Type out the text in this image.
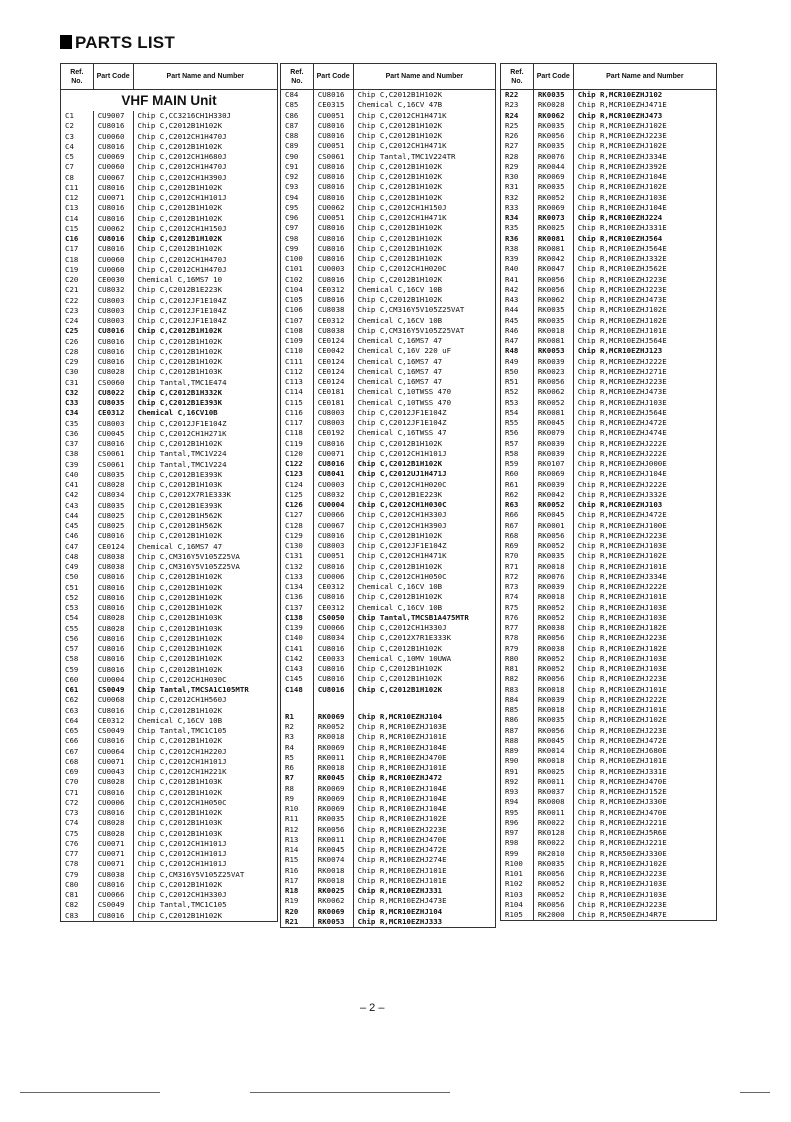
PARTS LIST
Ref.
No.	Part Code	Part Name and Number
VHF MAIN Unit		
C1	CU9007	Chip C,CC3216CH1H330J
C2	CU8016	Chip C,C2012B1H102K
C3	CU0060	Chip C,C2012CH1H470J
C4	CU8016	Chip C,C2012B1H102K
C5	CU0069	Chip C,C2012CH1H680J
C7	CU0060	Chip C,C2012CH1H470J
C8	CU0067	Chip C,C2012CH1H390J
C11	CU8016	Chip C,C2012B1H102K
C12	CU0071	Chip C,C2012CH1H101J
C13	CU8016	Chip C,C2012B1H102K
C14	CU8016	Chip C,C2012B1H102K
C15	CU0062	Chip C,C2012CH1H150J
C16	CU8016	Chip C,C2012B1H102K
C17	CU8016	Chip C,C2012B1H102K
C18	CU0060	Chip C,C2012CH1H470J
C19	CU0060	Chip C,C2012CH1H470J
C20	CE0030	Chemical C,16MS7 10
C21	CU8032	Chip C,C2012B1E223K
C22	CU8003	Chip C,C2012JF1E104Z
C23	CU8003	Chip C,C2012JF1E104Z
C24	CU8003	Chip C,C2012JF1E104Z
C25	CU8016	Chip C,C2012B1H102K
C26	CU8016	Chip C,C2012B1H102K
C28	CU8016	Chip C,C2012B1H102K
C29	CU8016	Chip C,C2012B1H102K
C30	CU8028	Chip C,C2012B1H103K
C31	CS0060	Chip Tantal,TMC1E474
C32	CU8022	Chip C,C2012B1H332K
C33	CU8035	Chip C,C2012B1E393K
C34	CE0312	Chemical C,16CV10B
C35	CU8003	Chip C,C2012JF1E104Z
C36	CU0045	Chip C,C2012CH1H271K
C37	CU8016	Chip C,C2012B1H102K
C38	CS0061	Chip Tantal,TMC1V224
C39	CS0061	Chip Tantal,TMC1V224
C40	CU8035	Chip C,C2012B1E393K
C41	CU8028	Chip C,C2012B1H103K
C42	CU8034	Chip C,C2012X7R1E333K
C43	CU8035	Chip C,C2012B1E393K
C44	CU8025	Chip C,C2012B1H562K
C45	CU8025	Chip C,C2012B1H562K
C46	CU8016	Chip C,C2012B1H102K
C47	CE0124	Chemical C,16MS7 47
C48	CU8038	Chip C,CM316Y5V105Z25VA
C49	CU8038	Chip C,CM316Y5V105Z25VA
C50	CU8016	Chip C,C2012B1H102K
C51	CU8016	Chip C,C2012B1H102K
C52	CU8016	Chip C,C2012B1H102K
C53	CU8016	Chip C,C2012B1H102K
C54	CU8028	Chip C,C2012B1H103K
C55	CU8028	Chip C,C2012B1H103K
C56	CU8016	Chip C,C2012B1H102K
C57	CU8016	Chip C,C2012B1H102K
C58	CU8016	Chip C,C2012B1H102K
C59	CU8016	Chip C,C2012B1H102K
C60	CU0004	Chip C,C2012CH1H030C
C61	CS0049	Chip Tantal,TMCSA1C105MTR
C62	CU0068	Chip C,C2012CH1H560J
C63	CU8016	Chip C,C2012B1H102K
C64	CE0312	Chemical C,16CV 10B
C65	CS0049	Chip Tantal,TMC1C105
C66	CU8016	Chip C,C2012B1H102K
C67	CU0064	Chip C,C2012CH1H220J
C68	CU0071	Chip C,C2012CH1H101J
C69	CU0043	Chip C,C2012CH1H221K
C70	CU8028	Chip C,C2012B1H103K
C71	CU8016	Chip C,C2012B1H102K
C72	CU0006	Chip C,C2012CH1H050C
C73	CU8016	Chip C,C2012B1H102K
C74	CU8028	Chip C,C2012B1H103K
C75	CU8028	Chip C,C2012B1H103K
C76	CU0071	Chip C,C2012CH1H101J
C77	CU0071	Chip C,C2012CH1H101J
C78	CU0071	Chip C,C2012CH1H101J
C79	CU8038	Chip C,CM316Y5V105Z25VAT
C80	CU8016	Chip C,C2012B1H102K
C81	CU0066	Chip C,C2012CH1H330J
C82	CS0049	Chip Tantal,TMC1C105
C83	CU8016	Chip C,C2012B1H102K
Ref.
No.	Part Code	Part Name and Number
C84	CU8016	Chip C,C2012B1H102K
C85	CE0315	Chemical C,16CV 47B
C86	CU0051	Chip C,C2012CH1H471K
C87	CU8016	Chip C,C2012B1H102K
C88	CU8016	Chip C,C2012B1H102K
C89	CU0051	Chip C,C2012CH1H471K
C90	CS0061	Chip Tantal,TMC1V224TR
C91	CU8016	Chip C,C2012B1H102K
C92	CU8016	Chip C,C2012B1H102K
C93	CU8016	Chip C,C2012B1H102K
C94	CU8016	Chip C,C2012B1H102K
C95	CU0062	Chip C,C2012CH1H150J
C96	CU0051	Chip C,C2012CH1H471K
C97	CU8016	Chip C,C2012B1H102K
C98	CU8016	Chip C,C2012B1H102K
C99	CU8016	Chip C,C2012B1H102K
C100	CU8016	Chip C,C2012B1H102K
C101	CU0003	Chip C,C2012CH1H020C
C102	CU8016	Chip C,C2012B1H102K
C104	CE0312	Chemical C,16CV 10B
C105	CU8016	Chip C,C2012B1H102K
C106	CU8038	Chip C,CM316Y5V105Z25VAT
C107	CE0312	Chemical C,16CV 10B
C108	CU8038	Chip C,CM316Y5V105Z25VAT
C109	CE0124	Chemical C,16MS7 47
C110	CE0042	Chemical C,16V 220 uF
C111	CE0124	Chemical C,16MS7 47
C112	CE0124	Chemical C,16MS7 47
C113	CE0124	Chemical C,16MS7 47
C114	CE0181	Chemical C,10TWSS 470
C115	CE0181	Chemical C,10TWSS 470
C116	CU8003	Chip C,C2012JF1E104Z
C117	CU8003	Chip C,C2012JF1E104Z
C118	CE0192	Chemical C,16TWSS 47
C119	CU8016	Chip C,C2012B1H102K
C120	CU0071	Chip C,C2012CH1H101J
C122	CU8016	Chip C,C2012B1H102K
C123	CU8041	Chip C,C2012UJ1H471J
C124	CU0003	Chip C,C2012CH1H020C
C125	CU8032	Chip C,C2012B1E223K
C126	CU0004	Chip C,C2012CH1H030C
C127	CU0066	Chip C,C2012CH1H330J
C128	CU0067	Chip C,C2012CH1H390J
C129	CU8016	Chip C,C2012B1H102K
C130	CU8003	Chip C,C2012JF1E104Z
C131	CU0051	Chip C,C2012CH1H471K
C132	CU8016	Chip C,C2012B1H102K
C133	CU0006	Chip C,C2012CH1H050C
C134	CE0312	Chemical C,16CV 10B
C136	CU8016	Chip C,C2012B1H102K
C137	CE0312	Chemical C,16CV 10B
C138	CS0050	Chip Tantal,TMCSB1A475MTR
C139	CU0066	Chip C,C2012CH1H330J
C140	CU8034	Chip C,C2012X7R1E333K
C141	CU8016	Chip C,C2012B1H102K
C142	CE0033	Chemical C,10MV 10UWA
C143	CU8016	Chip C,C2012B1H102K
C145	CU8016	Chip C,C2012B1H102K
C148	CU8016	Chip C,C2012B1H102K

R1	RK0069	Chip R,MCR10EZHJ104
R2	RK0052	Chip R,MCR10EZHJ103E
R3	RK0018	Chip R,MCR10EZHJ101E
R4	RK0069	Chip R,MCR10EZHJ104E
R5	RK0011	Chip R,MCR10EZHJ470E
R6	RK0018	Chip R,MCR10EZHJ101E
R7	RK0045	Chip R,MCR10EZHJ472
R8	RK0069	Chip R,MCR10EZHJ104E
R9	RK0069	Chip R,MCR10EZHJ104E
R10	RK0069	Chip R,MCR10EZHJ104E
R11	RK0035	Chip R,MCR10EZHJ102E
R12	RK0056	Chip R,MCR10EZHJ223E
R13	RK0011	Chip R,MCR10EZHJ470E
R14	RK0045	Chip R,MCR10EZHJ472E
R15	RK0074	Chip R,MCR10EZHJ274E
R16	RK0018	Chip R,MCR10EZHJ101E
R17	RK0018	Chip R,MCR10EZHJ101E
R18	RK0025	Chip R,MCR10EZHJ331
R19	RK0062	Chip R,MCR10EZHJ473E
R20	RK0069	Chip R,MCR10EZHJ104
R21	RK0053	Chip R,MCR10EZHJ333
Ref.
No.	Part Code	Part Name and Number
R22	RK0035	Chip R,MCR10EZHJ102
R23	RK0028	Chip R,MCR10EZHJ471E
R24	RK0062	Chip R,MCR10EZHJ473
R25	RK0035	Chip R,MCR10EZHJ102E
R26	RK0056	Chip R,MCR10EZHJ223E
R27	RK0035	Chip R,MCR10EZHJ102E
R28	RK0076	Chip R,MCR10EZHJ334E
R29	RK0044	Chip R,MCR10EZHJ392E
R30	RK0069	Chip R,MCR10EZHJ104E
R31	RK0035	Chip R,MCR10EZHJ102E
R32	RK0052	Chip R,MCR10EZHJ103E
R33	RK0069	Chip R,MCR10EZHJ104E
R34	RK0073	Chip R,MCR10EZHJ224
R35	RK0025	Chip R,MCR10EZHJ331E
R36	RK0081	Chip R,MCR10EZHJ564
R38	RK0081	Chip R,MCR10EZHJ564E
R39	RK0042	Chip R,MCR10EZHJ332E
R40	RK0047	Chip R,MCR10EZHJ562E
R41	RK0056	Chip R,MCR10EZHJ223E
R42	RK0056	Chip R,MCR10EZHJ223E
R43	RK0062	Chip R,MCR10EZHJ473E
R44	RK0035	Chip R,MCR10EZHJ102E
R45	RK0035	Chip R,MCR10EZHJ102E
R46	RK0018	Chip R,MCR10EZHJ101E
R47	RK0081	Chip R,MCR10EZHJ564E
R48	RK0053	Chip R,MCR10EZHJ123
R49	RK0039	Chip R,MCR10EZHJ222E
R50	RK0023	Chip R,MCR10EZHJ271E
R51	RK0056	Chip R,MCR10EZHJ223E
R52	RK0062	Chip R,MCR10EZHJ473E
R53	RK0052	Chip R,MCR10EZHJ103E
R54	RK0081	Chip R,MCR10EZHJ564E
R55	RK0045	Chip R,MCR10EZHJ472E
R56	RK0079	Chip R,MCR10EZHJ474E
R57	RK0039	Chip R,MCR10EZHJ222E
R58	RK0039	Chip R,MCR10EZHJ222E
R59	RK0107	Chip R,MCR10EZHJ000E
R60	RK0069	Chip R,MCR10EZHJ104E
R61	RK0039	Chip R,MCR10EZHJ222E
R62	RK0042	Chip R,MCR10EZHJ332E
R63	RK0052	Chip R,MCR10EZHJ103
R66	RK0045	Chip R,MCR10EZHJ472E
R67	RK0001	Chip R,MCR10EZHJ100E
R68	RK0056	Chip R,MCR10EZHJ223E
R69	RK0052	Chip R,MCR10EZHJ103E
R70	RK0035	Chip R,MCR10EZHJ102E
R71	RK0018	Chip R,MCR10EZHJ101E
R72	RK0076	Chip R,MCR10EZHJ334E
R73	RK0039	Chip R,MCR10EZHJ222E
R74	RK0018	Chip R,MCR10EZHJ101E
R75	RK0052	Chip R,MCR10EZHJ103E
R76	RK0052	Chip R,MCR10EZHJ103E
R77	RK0038	Chip R,MCR10EZHJ182E
R78	RK0056	Chip R,MCR10EZHJ223E
R79	RK0038	Chip R,MCR10EZHJ182E
R80	RK0052	Chip R,MCR10EZHJ103E
R81	RK0052	Chip R,MCR10EZHJ103E
R82	RK0056	Chip R,MCR10EZHJ223E
R83	RK0018	Chip R,MCR10EZHJ101E
R84	RK0039	Chip R,MCR10EZHJ222E
R85	RK0018	Chip R,MCR10EZHJ101E
R86	RK0035	Chip R,MCR10EZHJ102E
R87	RK0056	Chip R,MCR10EZHJ223E
R88	RK0045	Chip R,MCR10EZHJ472E
R89	RK0014	Chip R,MCR10EZHJ680E
R90	RK0018	Chip R,MCR10EZHJ101E
R91	RK0025	Chip R,MCR10EZHJ331E
R92	RK0011	Chip R,MCR10EZHJ470E
R93	RK0037	Chip R,MCR10EZHJ152E
R94	RK0008	Chip R,MCR10EZHJ330E
R95	RK0011	Chip R,MCR10EZHJ470E
R96	RK0022	Chip R,MCR10EZHJ221E
R97	RK0128	Chip R,MCR10EZHJ5R6E
R98	RK0022	Chip R,MCR10EZHJ221E
R99	RK2010	Chip R,MCR50EZHJ330E
R100	RK0035	Chip R,MCR10EZHJ102E
R101	RK0056	Chip R,MCR10EZHJ223E
R102	RK0052	Chip R,MCR10EZHJ103E
R103	RK0052	Chip R,MCR10EZHJ103E
R104	RK0056	Chip R,MCR10EZHJ223E
R105	RK2000	Chip R,MCR50EZHJ4R7E
– 2 –
